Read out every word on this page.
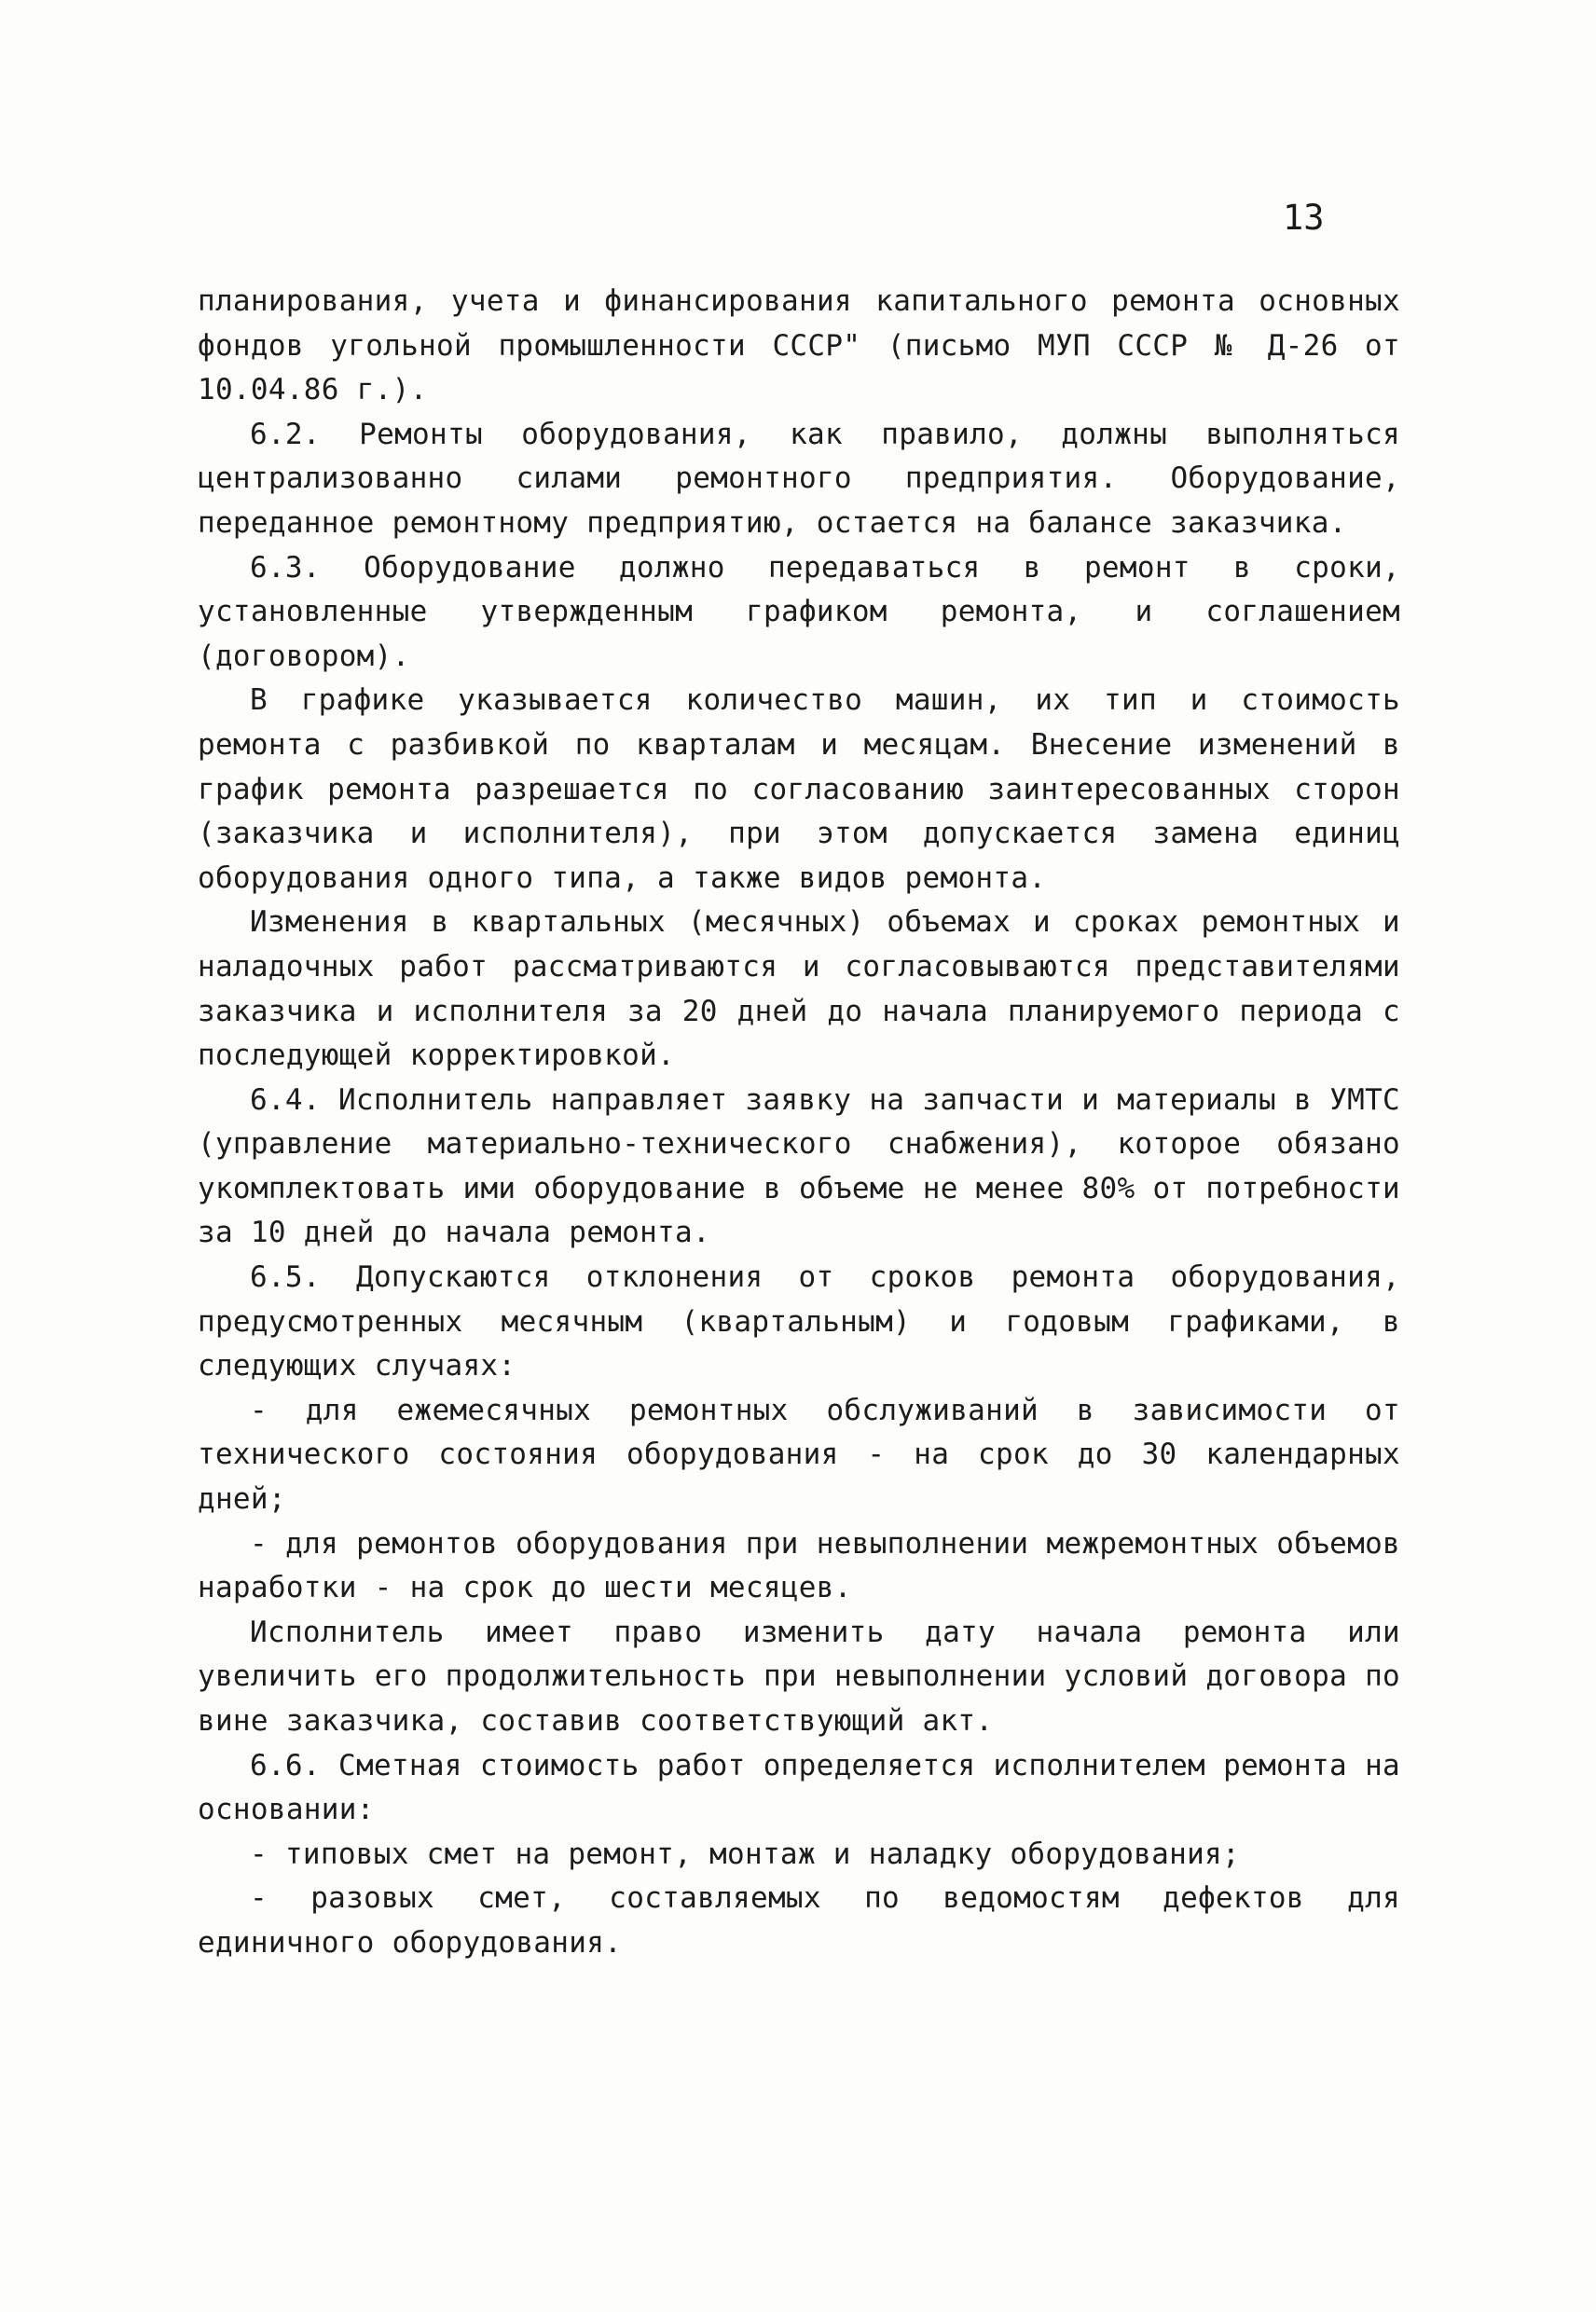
13

планирования, учета и финансирования капитального ремонта основных фондов угольной промышленности СССР" (письмо МУП СССР № Д-26 от 10.04.86 г.).

6.2. Ремонты оборудования, как правило, должны выполняться централизованно силами ремонтного предприятия. Оборудование, переданное ремонтному предприятию, остается на балансе заказчика.

6.3. Оборудование должно передаваться в ремонт в сроки, установленные утвержденным графиком ремонта, и соглашением (договором).

В графике указывается количество машин, их тип и стоимость ремонта с разбивкой по кварталам и месяцам. Внесение изменений в график ремонта разрешается по согласованию заинтересованных сторон (заказчика и исполнителя), при этом допускается замена единиц оборудования одного типа, а также видов ремонта.

Изменения в квартальных (месячных) объемах и сроках ремонтных и наладочных работ рассматриваются и согласовываются представителями заказчика и исполнителя за 20 дней до начала планируемого периода с последующей корректировкой.

6.4. Исполнитель направляет заявку на запчасти и материалы в УМТС (управление материально-технического снабжения), которое обязано укомплектовать ими оборудование в объеме не менее 80% от потребности за 10 дней до начала ремонта.

6.5. Допускаются отклонения от сроков ремонта оборудования, предусмотренных месячным (квартальным) и годовым графиками, в следующих случаях:

- для ежемесячных ремонтных обслуживаний в зависимости от технического состояния оборудования - на срок до 30 календарных дней;

- для ремонтов оборудования при невыполнении межремонтных объемов наработки - на срок до шести месяцев.

Исполнитель имеет право изменить дату начала ремонта или увеличить его продолжительность при невыполнении условий договора по вине заказчика, составив соответствующий акт.

6.6. Сметная стоимость работ определяется исполнителем ремонта на основании:

- типовых смет на ремонт, монтаж и наладку оборудования;

- разовых смет, составляемых по ведомостям дефектов для единичного оборудования.
